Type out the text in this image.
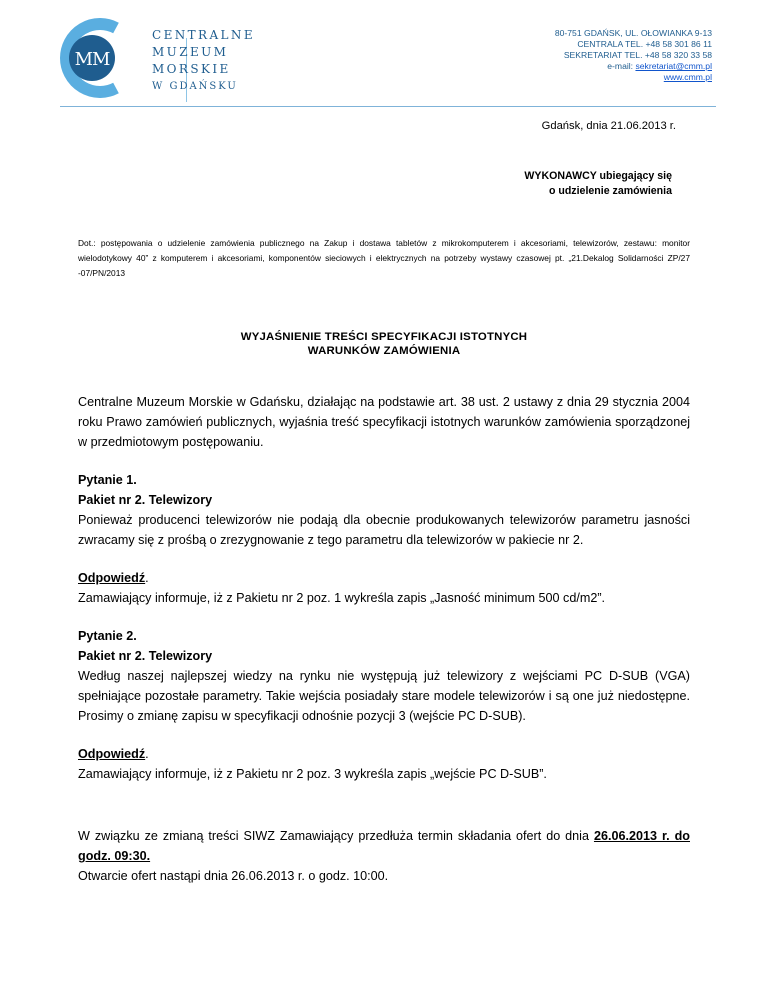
MM
CENTRALNE
MUZEUM
MORSKIE
W GDAŃSKU
80-751 GDAŃSK, UL. OŁOWIANKA 9-13
CENTRALA TEL. +48 58 301 86 11
SEKRETARIAT TEL. +48 58 320 33 58
e-mail: sekretariat@cmm.pl
www.cmm.pl
Gdańsk, dnia 21.06.2013 r.
WYKONAWCY ubiegający się
o udzielenie zamówienia
Dot.: postępowania o udzielenie zamówienia publicznego na Zakup i dostawa tabletów z mikrokomputerem i akcesoriami, telewizorów, zestawu: monitor wielodotykowy 40” z komputerem i akcesoriami, komponentów sieciowych i elektrycznych na potrzeby wystawy czasowej pt. „21.Dekalog Solidarności ZP/27 -07/PN/2013
WYJAŚNIENIE TREŚCI SPECYFIKACJI ISTOTNYCH
WARUNKÓW ZAMÓWIENIA

Centralne Muzeum Morskie w Gdańsku, działając na podstawie art. 38 ust. 2 ustawy z dnia 29 stycznia 2004 roku Prawo zamówień publicznych, wyjaśnia treść specyfikacji istotnych warunków zamówienia sporządzonej w przedmiotowym postępowaniu.

Pytanie 1.

Pakiet nr 2. Telewizory

Ponieważ producenci telewizorów nie podają dla obecnie produkowanych telewizorów parametru jasności zwracamy się z prośbą o zrezygnowanie z tego parametru dla telewizorów w pakiecie nr 2.

Odpowiedź.

Zamawiający informuje, iż z Pakietu nr 2 poz. 1 wykreśla zapis „Jasność minimum 500 cd/m2”.

Pytanie 2.

Pakiet nr 2. Telewizory

Według naszej najlepszej wiedzy na rynku nie występują już telewizory z wejściami PC D-SUB (VGA) spełniające pozostałe parametry. Takie wejścia posiadały stare modele telewizorów i są one już niedostępne. Prosimy o zmianę zapisu w specyfikacji odnośnie pozycji 3 (wejście PC D-SUB).

Odpowiedź.

Zamawiający informuje, iż z Pakietu nr 2 poz. 3 wykreśla zapis „wejście PC D-SUB”.

W związku ze zmianą treści SIWZ Zamawiający przedłuża termin składania ofert do dnia 26.06.2013 r. do godz. 09:30.

Otwarcie ofert nastąpi dnia 26.06.2013 r. o godz. 10:00.
